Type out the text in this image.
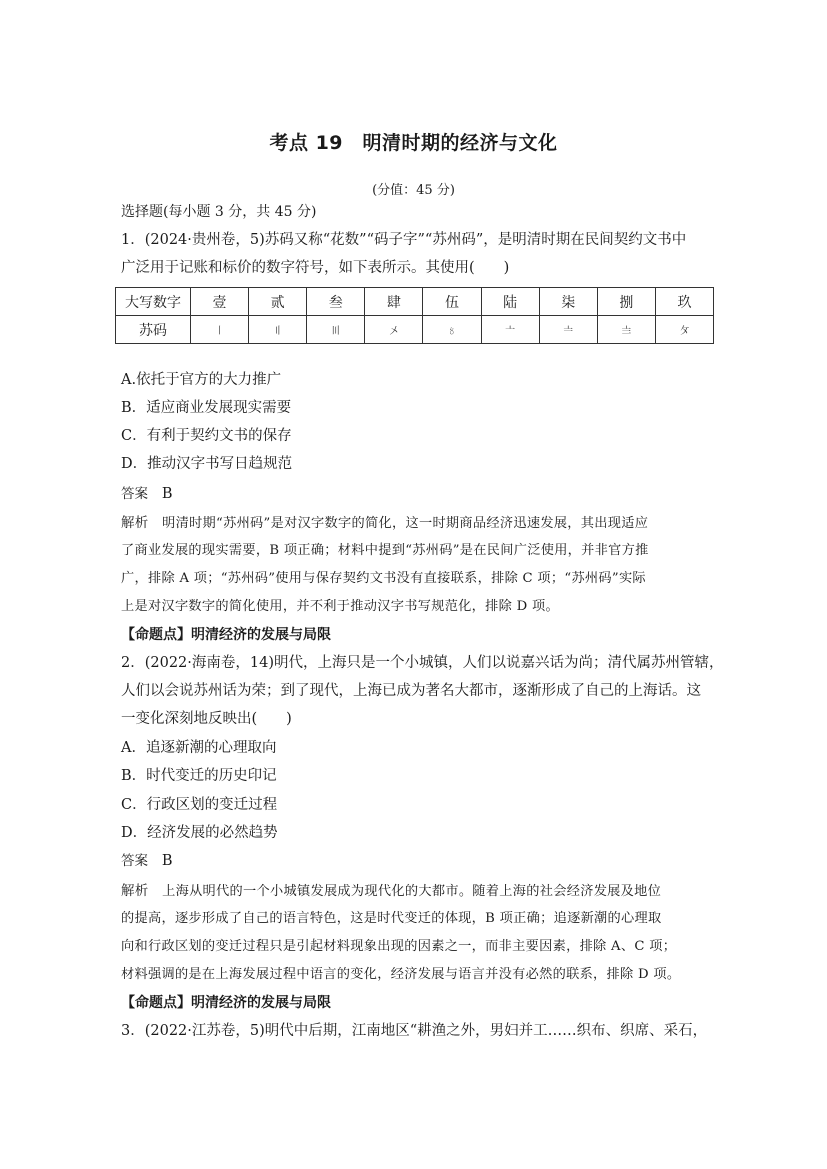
考点 19　明清时期的经济与文化
(分值：45 分)
选择题(每小题 3 分，共 45 分)
1．(2024·贵州卷，5)苏码又称“花数”“码子字”“苏州码”，是明清时期在民间契约文书中
广泛用于记账和标价的数字符号，如下表所示。其使用(　　)
大写数字	壹	贰	叁	肆	伍	陆	柒	捌	玖
苏码	〡	〢	〣	〤	〥	〦	〧	〨	〩
A.依托于官方的大力推广
B．适应商业发展现实需要
C．有利于契约文书的保存
D．推动汉字书写日趋规范
答案 B
解析 明清时期“苏州码”是对汉字数字的简化，这一时期商品经济迅速发展，其出现适应
了商业发展的现实需要，B 项正确；材料中提到“苏州码”是在民间广泛使用，并非官方推
广，排除 A 项；“苏州码”使用与保存契约文书没有直接联系，排除 C 项；“苏州码”实际
上是对汉字数字的简化使用，并不利于推动汉字书写规范化，排除 D 项。
【命题点】明清经济的发展与局限
2．(2022·海南卷，14)明代，上海只是一个小城镇，人们以说嘉兴话为尚；清代属苏州管辖，
人们以会说苏州话为荣；到了现代，上海已成为著名大都市，逐渐形成了自己的上海话。这
一变化深刻地反映出(　　)
A．追逐新潮的心理取向
B．时代变迁的历史印记
C．行政区划的变迁过程
D．经济发展的必然趋势
答案 B
解析 上海从明代的一个小城镇发展成为现代化的大都市。随着上海的社会经济发展及地位
的提高，逐步形成了自己的语言特色，这是时代变迁的体现，B 项正确；追逐新潮的心理取
向和行政区划的变迁过程只是引起材料现象出现的因素之一，而非主要因素，排除 A、C 项；
材料强调的是在上海发展过程中语言的变化，经济发展与语言并没有必然的联系，排除 D 项。
【命题点】明清经济的发展与局限
3．(2022·江苏卷，5)明代中后期，江南地区“耕渔之外，男妇并工……织布、织席、采石，
